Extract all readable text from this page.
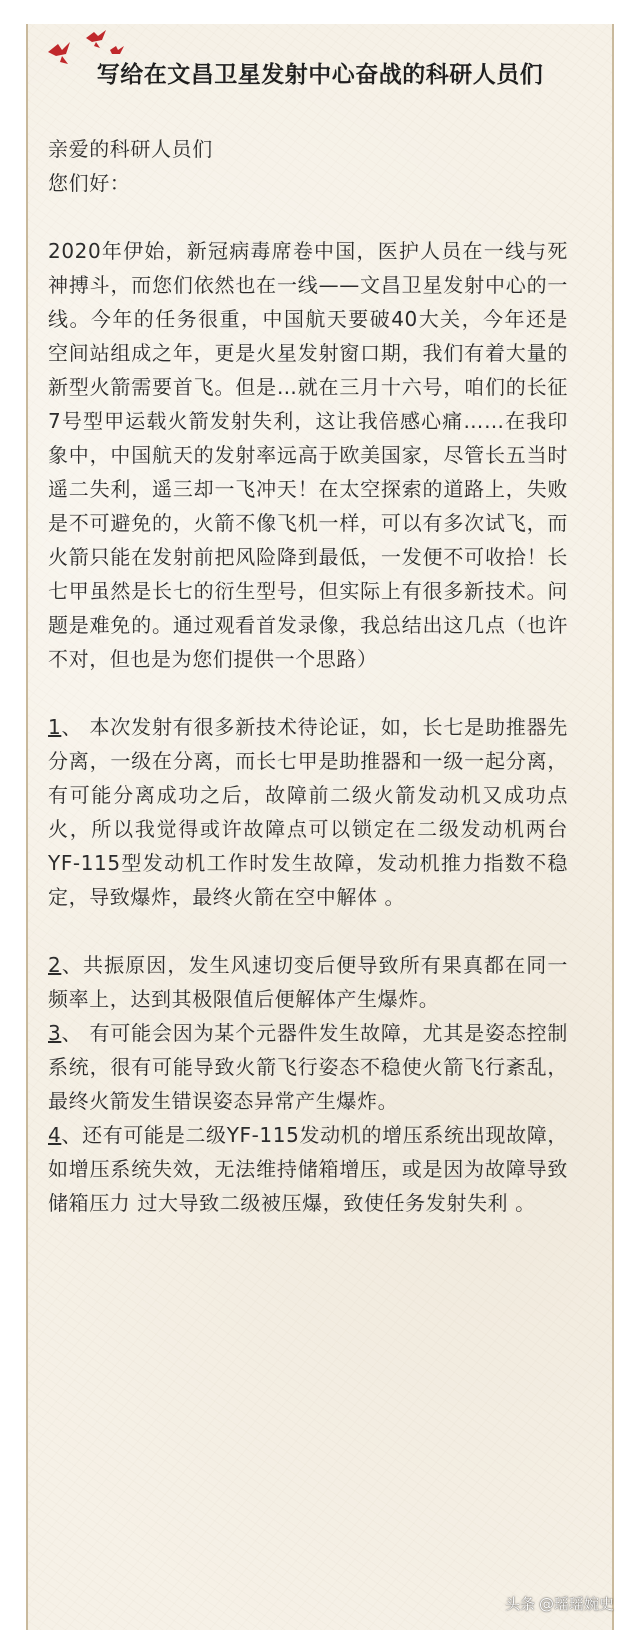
写给在文昌卫星发射中心奋战的科研人员们
亲爱的科研人员们
您们好：

2020年伊始，新冠病毒席卷中国，医护人员在一线与死神搏斗，而您们依然也在一线——文昌卫星发射中心的一线。今年的任务很重，中国航天要破40大关，今年还是空间站组成之年，更是火星发射窗口期，我们有着大量的新型火箭需要首飞。但是…就在三月十六号，咱们的长征7号型甲运载火箭发射失利，这让我倍感心痛……在我印象中，中国航天的发射率远高于欧美国家，尽管长五当时遥二失利，遥三却一飞冲天！在太空探索的道路上，失败是不可避免的，火箭不像飞机一样，可以有多次试飞，而火箭只能在发射前把风险降到最低，一发便不可收拾！长七甲虽然是长七的衍生型号，但实际上有很多新技术。问题是难免的。通过观看首发录像，我总结出这几点（也许不对，但也是为您们提供一个思路）

1、 本次发射有很多新技术待论证，如，长七是助推器先分离，一级在分离，而长七甲是助推器和一级一起分离，有可能分离成功之后，故障前二级火箭发动机又成功点火，所以我觉得或许故障点可以锁定在二级发动机两台YF-115型发动机工作时发生故障，发动机推力指数不稳定，导致爆炸，最终火箭在空中解体 。

2、共振原因，发生风速切变后便导致所有果真都在同一频率上，达到其极限值后便解体产生爆炸。

3、 有可能会因为某个元器件发生故障，尤其是姿态控制系统，很有可能导致火箭飞行姿态不稳使火箭飞行紊乱，最终火箭发生错误姿态异常产生爆炸。

4、还有可能是二级YF-115发动机的增压系统出现故障，如增压系统失效，无法维持储箱增压，或是因为故障导致储箱压力 过大导致二级被压爆，致使任务发射失利 。

头条 @瑶瑶婉史
